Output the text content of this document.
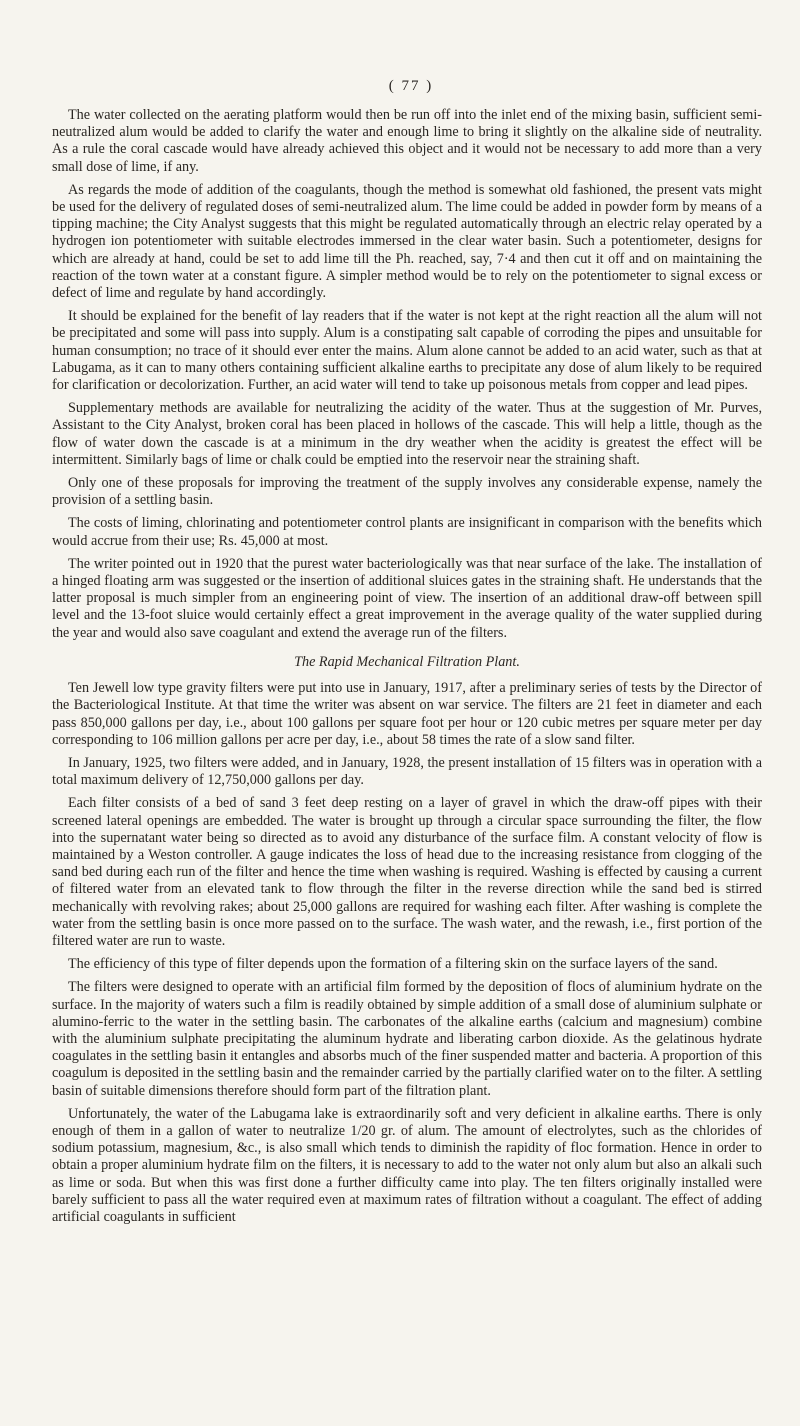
( 77 )

The water collected on the aerating platform would then be run off into the inlet end of the mixing basin, sufficient semi-neutralized alum would be added to clarify the water and enough lime to bring it slightly on the alkaline side of neutrality. As a rule the coral cascade would have already achieved this object and it would not be necessary to add more than a very small dose of lime, if any.

As regards the mode of addition of the coagulants, though the method is somewhat old fashioned, the present vats might be used for the delivery of regulated doses of semi-neutralized alum. The lime could be added in powder form by means of a tipping machine; the City Analyst suggests that this might be regulated automatically through an electric relay operated by a hydrogen ion potentiometer with suitable electrodes immersed in the clear water basin. Such a potentiometer, designs for which are already at hand, could be set to add lime till the Ph. reached, say, 7·4 and then cut it off and on maintaining the reaction of the town water at a constant figure. A simpler method would be to rely on the potentiometer to signal excess or defect of lime and regulate by hand accordingly.

It should be explained for the benefit of lay readers that if the water is not kept at the right reaction all the alum will not be precipitated and some will pass into supply. Alum is a constipating salt capable of corroding the pipes and unsuitable for human consumption; no trace of it should ever enter the mains. Alum alone cannot be added to an acid water, such as that at Labugama, as it can to many others containing sufficient alkaline earths to precipitate any dose of alum likely to be required for clarification or decolorization. Further, an acid water will tend to take up poisonous metals from copper and lead pipes.

Supplementary methods are available for neutralizing the acidity of the water. Thus at the suggestion of Mr. Purves, Assistant to the City Analyst, broken coral has been placed in hollows of the cascade. This will help a little, though as the flow of water down the cascade is at a minimum in the dry weather when the acidity is greatest the effect will be intermittent. Similarly bags of lime or chalk could be emptied into the reservoir near the straining shaft.

Only one of these proposals for improving the treatment of the supply involves any considerable expense, namely the provision of a settling basin.

The costs of liming, chlorinating and potentiometer control plants are insignificant in comparison with the benefits which would accrue from their use; Rs. 45,000 at most.

The writer pointed out in 1920 that the purest water bacteriologically was that near surface of the lake. The installation of a hinged floating arm was suggested or the insertion of additional sluices gates in the straining shaft. He understands that the latter proposal is much simpler from an engineering point of view. The insertion of an additional draw-off between spill level and the 13-foot sluice would certainly effect a great improvement in the average quality of the water supplied during the year and would also save coagulant and extend the average run of the filters.

The Rapid Mechanical Filtration Plant.

Ten Jewell low type gravity filters were put into use in January, 1917, after a preliminary series of tests by the Director of the Bacteriological Institute. At that time the writer was absent on war service. The filters are 21 feet in diameter and each pass 850,000 gallons per day, i.e., about 100 gallons per square foot per hour or 120 cubic metres per square meter per day corresponding to 106 million gallons per acre per day, i.e., about 58 times the rate of a slow sand filter.

In January, 1925, two filters were added, and in January, 1928, the present installation of 15 filters was in operation with a total maximum delivery of 12,750,000 gallons per day.

Each filter consists of a bed of sand 3 feet deep resting on a layer of gravel in which the draw-off pipes with their screened lateral openings are embedded. The water is brought up through a circular space surrounding the filter, the flow into the supernatant water being so directed as to avoid any disturbance of the surface film. A constant velocity of flow is maintained by a Weston controller. A gauge indicates the loss of head due to the increasing resistance from clogging of the sand bed during each run of the filter and hence the time when washing is required. Washing is effected by causing a current of filtered water from an elevated tank to flow through the filter in the reverse direction while the sand bed is stirred mechanically with revolving rakes; about 25,000 gallons are required for washing each filter. After washing is complete the water from the settling basin is once more passed on to the surface. The wash water, and the rewash, i.e., first portion of the filtered water are run to waste.

The efficiency of this type of filter depends upon the formation of a filtering skin on the surface layers of the sand.

The filters were designed to operate with an artificial film formed by the deposition of flocs of aluminium hydrate on the surface. In the majority of waters such a film is readily obtained by simple addition of a small dose of aluminium sulphate or alumino-ferric to the water in the settling basin. The carbonates of the alkaline earths (calcium and magnesium) combine with the aluminium sulphate precipitating the aluminum hydrate and liberating carbon dioxide. As the gelatinous hydrate coagulates in the settling basin it entangles and absorbs much of the finer suspended matter and bacteria. A proportion of this coagulum is deposited in the settling basin and the remainder carried by the partially clarified water on to the filter. A settling basin of suitable dimensions therefore should form part of the filtration plant.

Unfortunately, the water of the Labugama lake is extraordinarily soft and very deficient in alkaline earths. There is only enough of them in a gallon of water to neutralize 1/20 gr. of alum. The amount of electrolytes, such as the chlorides of sodium potassium, magnesium, &c., is also small which tends to diminish the rapidity of floc formation. Hence in order to obtain a proper aluminium hydrate film on the filters, it is necessary to add to the water not only alum but also an alkali such as lime or soda. But when this was first done a further difficulty came into play. The ten filters originally installed were barely sufficient to pass all the water required even at maximum rates of filtration without a coagulant. The effect of adding artificial coagulants in sufficient
